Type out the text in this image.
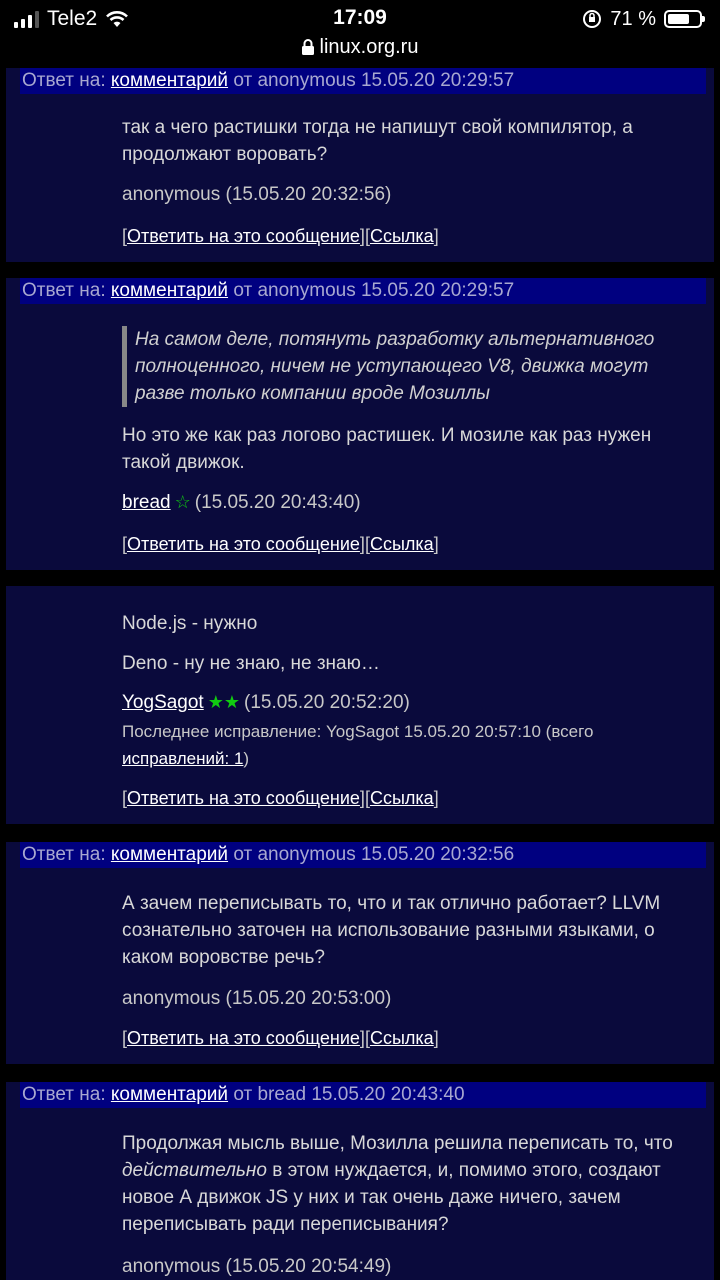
Tele2	17:09	71 %
linux.org.ru
Ответ на: комментарий от anonymous 15.05.20 20:29:57
так а чего растишки тогда не напишут свой компилятор, а продолжают воровать?
anonymous (15.05.20 20:32:56)
[Ответить на это сообщение][Ссылка]
Ответ на: комментарий от anonymous 15.05.20 20:29:57
На самом деле, потянуть разработку альтернативного полноценного, ничем не уступающего V8, движка могут разве только компании вроде Мозиллы
Но это же как раз логово растишек. И мозиле как раз нужен такой движок.
bread ☆ (15.05.20 20:43:40)
[Ответить на это сообщение][Ссылка]
Node.js - нужно
Deno - ну не знаю, не знаю…
YogSagot ★★ (15.05.20 20:52:20)
Последнее исправление: YogSagot 15.05.20 20:57:10 (всего исправлений: 1)
[Ответить на это сообщение][Ссылка]
Ответ на: комментарий от anonymous 15.05.20 20:32:56
А зачем переписывать то, что и так отлично работает? LLVM сознательно заточен на использование разными языками, о каком воровстве речь?
anonymous (15.05.20 20:53:00)
[Ответить на это сообщение][Ссылка]
Ответ на: комментарий от bread 15.05.20 20:43:40
Продолжая мысль выше, Мозилла решила переписать то, что действительно в этом нуждается, и, помимо этого, создают новое А движок JS у них и так очень даже ничего, зачем переписывать ради переписывания?
anonymous (15.05.20 20:54:49)
